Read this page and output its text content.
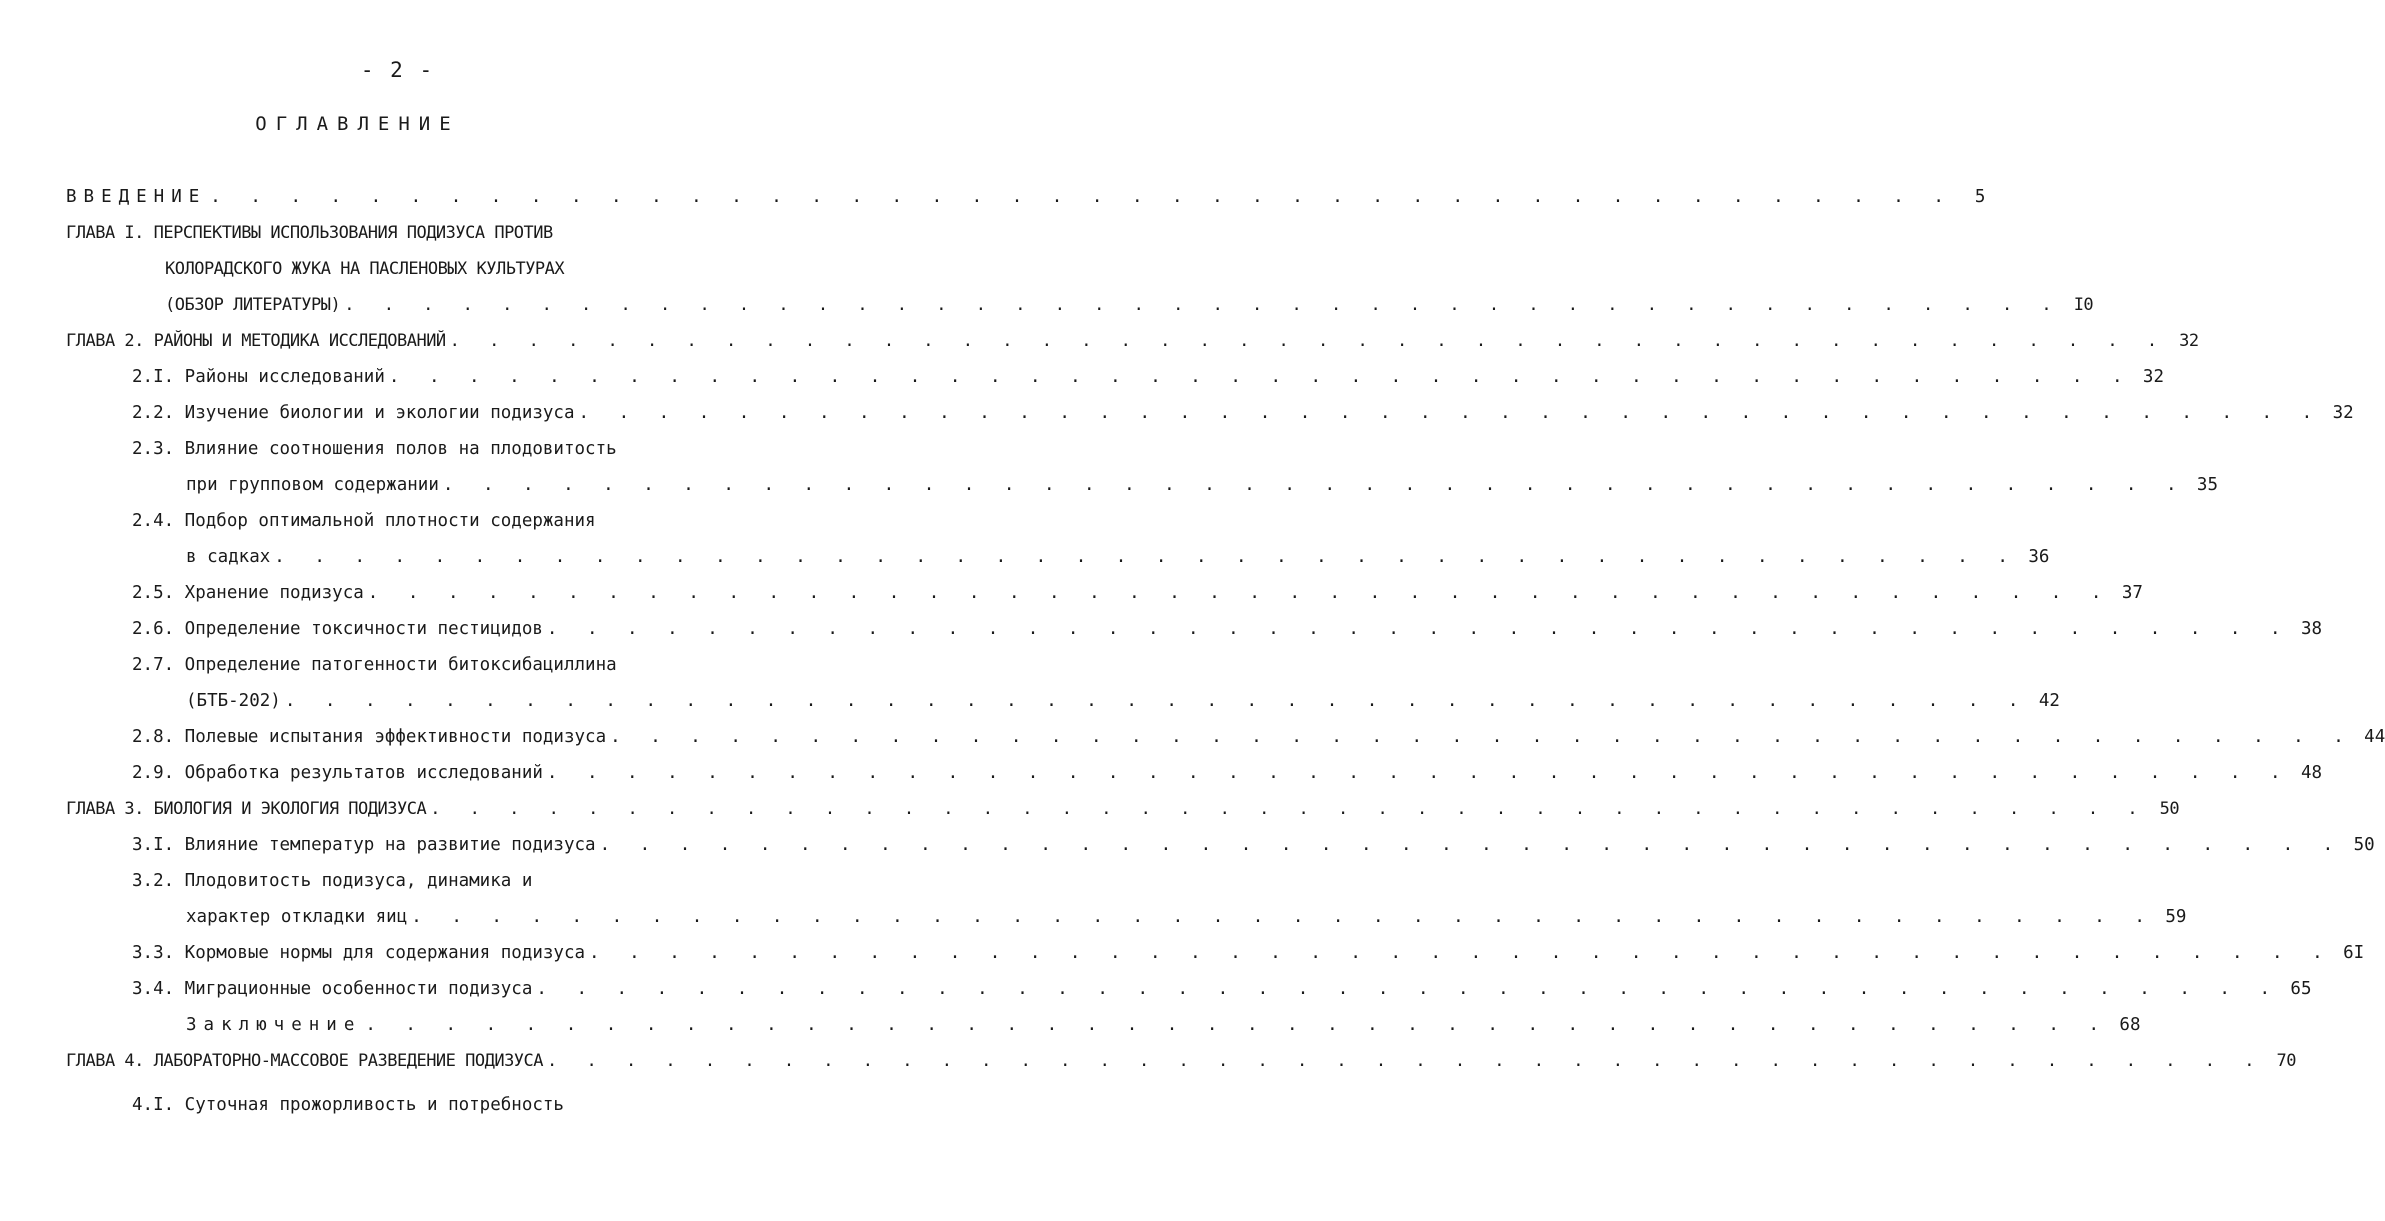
- 2 -
ОГЛАВЛЕНИЕ
ВВЕДЕНИЕ . . . . . . . . . . . . . . . . . . . . . . . . . . . . . . . . . . . . . . . . . . . .	5
ГЛАВА I. ПЕРСПЕКТИВЫ ИСПОЛЬЗОВАНИЯ ПОДИЗУСА ПРОТИВ
КОЛОРАДСКОГО ЖУКА НА ПАСЛЕНОВЫХ КУЛЬТУРАХ
(ОБЗОР ЛИТЕРАТУРЫ) . . . . . . . . . . . . . . . . . . . . . . . . . . . . . . . . . . . . . . . . . . . . I0
ГЛАВА 2. РАЙОНЫ И МЕТОДИКА ИССЛЕДОВАНИЙ . . . . . . . . . . . . . . . . . . . . . . . . . . . . . . . . . . . . . . . . . . . . 32
2.I. Районы исследований . . . . . . . . . . . . . . . . . . . . . . . . . . . . . . . . . . . . . . . . . . . . 32
2.2. Изучение биологии и экологии подизуса . . . . . . . . . . . . . . . . . . . . . . . . . . . . . . . . . . . . . . . . . . . . 32
2.3. Влияние соотношения полов на плодовитость
при групповом содержании . . . . . . . . . . . . . . . . . . . . . . . . . . . . . . . . . . . . . . . . . . . . 35
2.4. Подбор оптимальной плотности содержания
в садках . . . . . . . . . . . . . . . . . . . . . . . . . . . . . . . . . . . . . . . . . . . . 36
2.5. Хранение подизуса . . . . . . . . . . . . . . . . . . . . . . . . . . . . . . . . . . . . . . . . . . . . 37
2.6. Определение токсичности пестицидов . . . . . . . . . . . . . . . . . . . . . . . . . . . . . . . . . . . . . . . . . . . . 38
2.7. Определение патогенности битоксибациллина
(БТБ-202) . . . . . . . . . . . . . . . . . . . . . . . . . . . . . . . . . . . . . . . . . . . . 42
2.8. Полевые испытания эффективности подизуса . . . . . . . . . . . . . . . . . . . . . . . . . . . . . . . . . . . . . . . . . . . . 44
2.9. Обработка результатов исследований . . . . . . . . . . . . . . . . . . . . . . . . . . . . . . . . . . . . . . . . . . . . 48
ГЛАВА 3. БИОЛОГИЯ И ЭКОЛОГИЯ ПОДИЗУСА . . . . . . . . . . . . . . . . . . . . . . . . . . . . . . . . . . . . . . . . . . . . 50
3.I. Влияние температур на развитие подизуса . . . . . . . . . . . . . . . . . . . . . . . . . . . . . . . . . . . . . . . . . . . . 50
3.2. Плодовитость подизуса, динамика и
характер откладки яиц . . . . . . . . . . . . . . . . . . . . . . . . . . . . . . . . . . . . . . . . . . . . 59
3.3. Кормовые нормы для содержания подизуса . . . . . . . . . . . . . . . . . . . . . . . . . . . . . . . . . . . . . . . . . . . . 6I
3.4. Миграционные особенности подизуса . . . . . . . . . . . . . . . . . . . . . . . . . . . . . . . . . . . . . . . . . . . . 65
Заключение . . . . . . . . . . . . . . . . . . . . . . . . . . . . . . . . . . . . . . . . . . . . 68
ГЛАВА 4. ЛАБОРАТОРНО-МАССОВОЕ РАЗВЕДЕНИЕ ПОДИЗУСА . . . . . . . . . . . . . . . . . . . . . . . . . . . . . . . . . . . . . . . . . . . . 70
4.I. Суточная прожорливость и потребность
